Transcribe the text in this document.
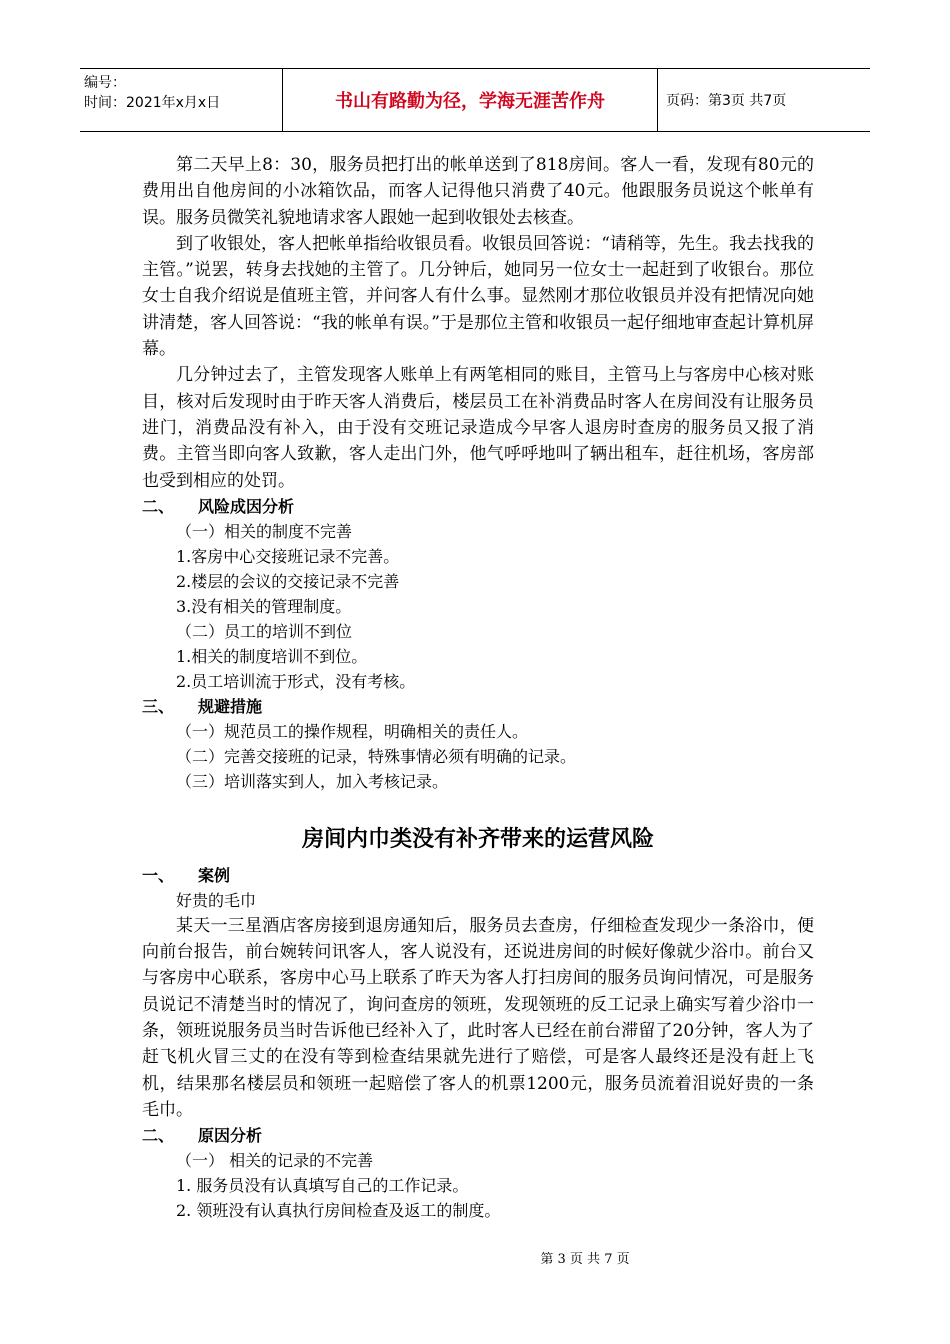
编号：
时间：2021年x月x日	书山有路勤为径，学海无涯苦作舟	页码：第3页 共7页

第二天早上8：30，服务员把打出的帐单送到了818房间。客人一看，发现有80元的费用出自他房间的小冰箱饮品，而客人记得他只消费了40元。他跟服务员说这个帐单有误。服务员微笑礼貌地请求客人跟她一起到收银处去核查。

到了收银处，客人把帐单指给收银员看。收银员回答说：“请稍等，先生。我去找我的主管。”说罢，转身去找她的主管了。几分钟后，她同另一位女士一起赶到了收银台。那位女士自我介绍说是值班主管，并问客人有什么事。显然刚才那位收银员并没有把情况向她讲清楚，客人回答说：“我的帐单有误。”于是那位主管和收银员一起仔细地审查起计算机屏幕。

几分钟过去了，主管发现客人账单上有两笔相同的账目，主管马上与客房中心核对账目，核对后发现时由于昨天客人消费后，楼层员工在补消费品时客人在房间没有让服务员进门，消费品没有补入，由于没有交班记录造成今早客人退房时查房的服务员又报了消费。主管当即向客人致歉，客人走出门外，他气呼呼地叫了辆出租车，赶往机场，客房部也受到相应的处罚。

二、 风险成因分析

（一）相关的制度不完善

1.客房中心交接班记录不完善。

2.楼层的会议的交接记录不完善

3.没有相关的管理制度。

（二）员工的培训不到位

1.相关的制度培训不到位。

2.员工培训流于形式，没有考核。

三、 规避措施

（一）规范员工的操作规程，明确相关的责任人。

（二）完善交接班的记录，特殊事情必须有明确的记录。

（三）培训落实到人，加入考核记录。

房间内巾类没有补齐带来的运营风险

一、 案例

好贵的毛巾

某天一三星酒店客房接到退房通知后，服务员去查房，仔细检查发现少一条浴巾，便向前台报告，前台婉转问讯客人，客人说没有，还说进房间的时候好像就少浴巾。前台又与客房中心联系，客房中心马上联系了昨天为客人打扫房间的服务员询问情况，可是服务员说记不清楚当时的情况了，询问查房的领班，发现领班的反工记录上确实写着少浴巾一条，领班说服务员当时告诉他已经补入了，此时客人已经在前台滞留了20分钟，客人为了赶飞机火冒三丈的在没有等到检查结果就先进行了赔偿，可是客人最终还是没有赶上飞机，结果那名楼层员和领班一起赔偿了客人的机票1200元，服务员流着泪说好贵的一条毛巾。

二、 原因分析

（一） 相关的记录的不完善

1. 服务员没有认真填写自己的工作记录。

2. 领班没有认真执行房间检查及返工的制度。

第 3 页 共 7 页
